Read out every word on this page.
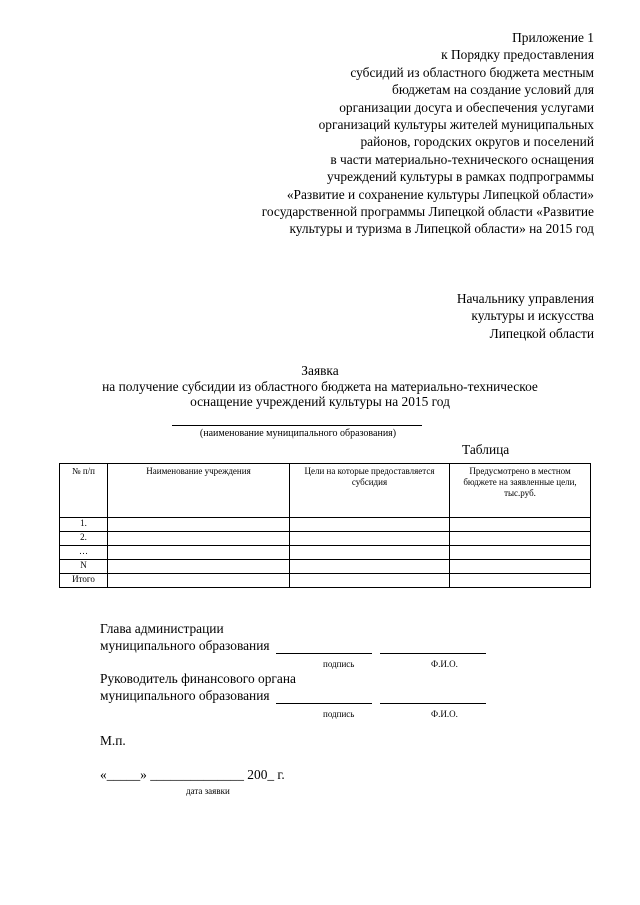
Приложение 1
к Порядку предоставления
субсидий из областного бюджета местным
бюджетам на создание условий для
организации досуга и обеспечения услугами
организаций культуры жителей муниципальных
районов, городских округов и поселений
в части материально-технического оснащения
учреждений культуры в рамках подпрограммы
«Развитие и сохранение культуры Липецкой области»
государственной программы Липецкой области «Развитие
культуры и туризма в Липецкой области» на 2015 год
Начальнику управления
культуры и искусства
Липецкой области
Заявка
на получение субсидии из областного бюджета на материально-техническое
оснащение учреждений культуры на 2015 год
(наименование муниципального образования)
Таблица
№ п/п	Наименование учреждения	Цели на которые предоставляется субсидия	Предусмотрено в местном бюджете на заявленные цели, тыс.руб.
1.			
2.			
…			
N			
Итого			
Глава администрации
муниципального образования
подпись	Ф.И.О.
Руководитель финансового органа
муниципального образования
подпись	Ф.И.О.
М.п.
«_____» ______________ 200_ г.
дата заявки
